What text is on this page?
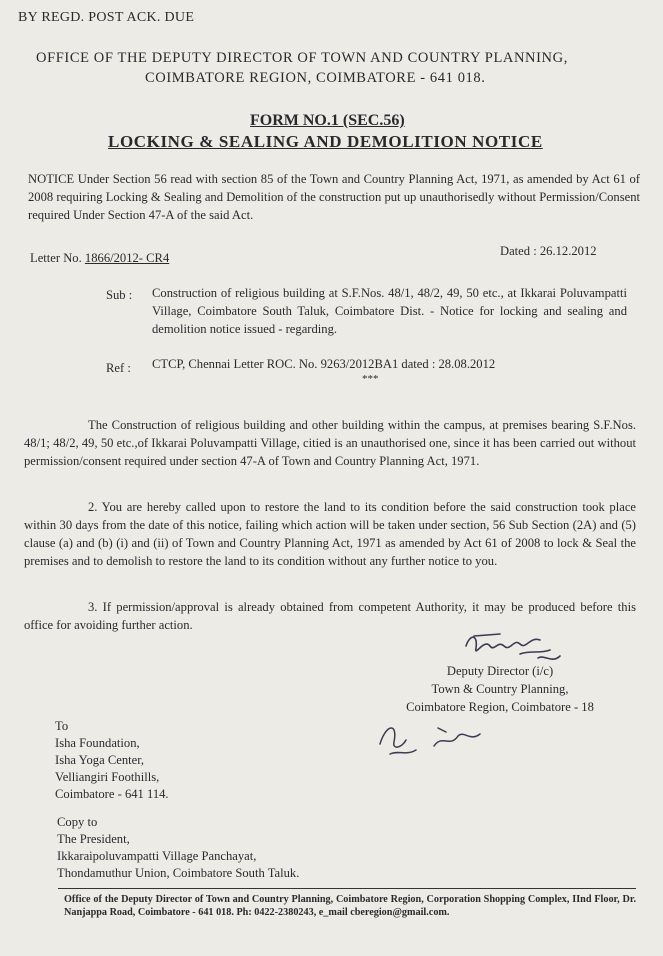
BY REGD. POST ACK. DUE
OFFICE OF THE DEPUTY DIRECTOR OF TOWN AND COUNTRY PLANNING,
COIMBATORE REGION, COIMBATORE - 641 018.
FORM NO.1 (SEC.56)
LOCKING & SEALING AND DEMOLITION NOTICE
NOTICE Under Section 56 read with section 85 of the Town and Country Planning Act, 1971, as amended by Act 61 of 2008 requiring Locking & Sealing and Demolition of the construction put up unauthorisedly without Permission/Consent required Under Section 47-A of the said Act.
Letter No. 1866/2012- CR4	Dated : 26.12.2012
Sub : Construction of religious building at S.F.Nos. 48/1, 48/2, 49, 50 etc., at Ikkarai Poluvampatti Village, Coimbatore South Taluk, Coimbatore Dist. - Notice for locking and sealing and demolition notice issued - regarding.
Ref : CTCP, Chennai Letter ROC. No. 9263/2012BA1 dated : 28.08.2012
***
The Construction of religious building and other building within the campus, at premises bearing S.F.Nos. 48/1; 48/2, 49, 50 etc.,of Ikkarai Poluvampatti Village, citied is an unauthorised one, since it has been carried out without permission/consent required under section 47-A of Town and Country Planning Act, 1971.
2. You are hereby called upon to restore the land to its condition before the said construction took place within 30 days from the date of this notice, failing which action will be taken under section, 56 Sub Section (2A) and (5) clause (a) and (b) (i) and (ii) of Town and Country Planning Act, 1971 as amended by Act 61 of 2008 to lock & Seal the premises and to demolish to restore the land to its condition without any further notice to you.
3. If permission/approval is already obtained from competent Authority, it may be produced before this office for avoiding further action.
Deputy Director (i/c)
Town & Country Planning,
Coimbatore Region, Coimbatore - 18
To
Isha Foundation,
Isha Yoga Center,
Velliangiri Foothills,
Coimbatore - 641 114.
Copy to
The President,
Ikkaraipoluvampatti Village Panchayat,
Thondamuthur Union, Coimbatore South Taluk.
Office of the Deputy Director of Town and Country Planning, Coimbatore Region, Corporation Shopping Complex, IInd Floor, Dr. Nanjappa Road, Coimbatore - 641 018. Ph: 0422-2380243, e_mail cberegion@gmail.com.
